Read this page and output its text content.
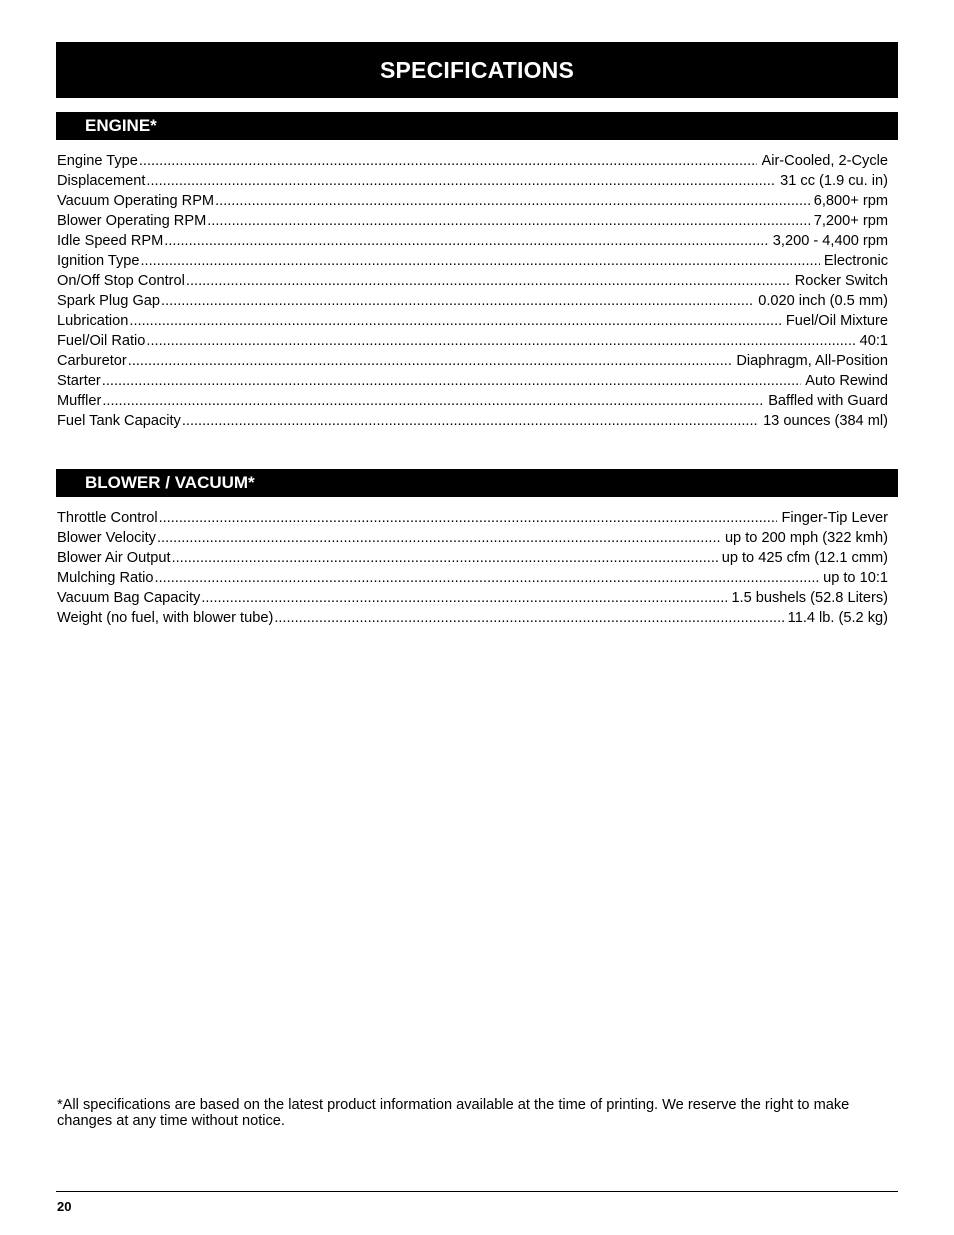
SPECIFICATIONS
ENGINE*
Engine Type .....	Air-Cooled, 2-Cycle
Displacement .....	31 cc (1.9 cu. in)
Vacuum Operating RPM .....	6,800+ rpm
Blower Operating RPM .....	7,200+ rpm
Idle Speed RPM .....	3,200 - 4,400 rpm
Ignition Type .....	Electronic
On/Off Stop Control .....	Rocker Switch
Spark Plug Gap .....	0.020 inch (0.5 mm)
Lubrication .....	Fuel/Oil Mixture
Fuel/Oil Ratio .....	40:1
Carburetor .....	Diaphragm, All-Position
Starter .....	Auto Rewind
Muffler .....	Baffled with Guard
Fuel Tank Capacity .....	13 ounces (384 ml)
BLOWER / VACUUM*
Throttle Control .....	Finger-Tip Lever
Blower Velocity .....	up to 200 mph (322 kmh)
Blower Air Output .....	up to 425 cfm (12.1 cmm)
Mulching Ratio .....	up to 10:1
Vacuum Bag Capacity .....	1.5 bushels (52.8 Liters)
Weight (no fuel, with blower tube) .....	11.4 lb. (5.2 kg)
*All specifications are based on the latest product information available at the time of printing. We reserve the right to make changes at any time without notice.
20
